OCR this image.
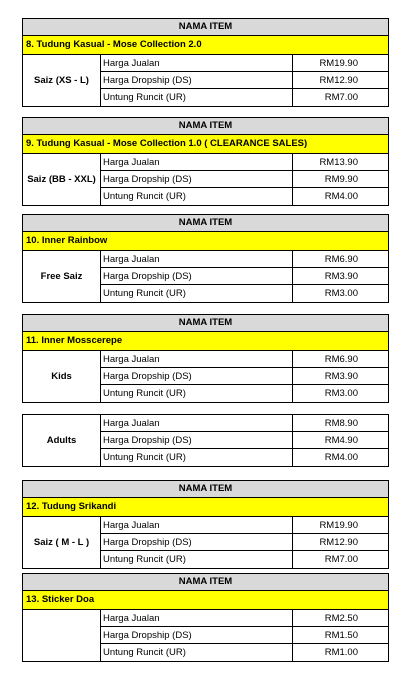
NAMA ITEM
8. Tudung Kasual - Mose Collection 2.0
Saiz (XS - L)
Harga Jualan	RM19.90
Harga Dropship (DS)	RM12.90
Untung Runcit (UR)	RM7.00
NAMA ITEM
9. Tudung Kasual - Mose Collection 1.0 ( CLEARANCE SALES)
Saiz (BB - XXL)
Harga Jualan	RM13.90
Harga Dropship (DS)	RM9.90
Untung Runcit (UR)	RM4.00
NAMA ITEM
10. Inner Rainbow
Free Saiz
Harga Jualan	RM6.90
Harga Dropship (DS)	RM3.90
Untung Runcit (UR)	RM3.00
NAMA ITEM
11. Inner Mosscerepe
Kids
Harga Jualan	RM6.90
Harga Dropship (DS)	RM3.90
Untung Runcit (UR)	RM3.00
Adults
Harga Jualan	RM8.90
Harga Dropship (DS)	RM4.90
Untung Runcit (UR)	RM4.00
NAMA ITEM
12. Tudung Srikandi
Saiz ( M - L )
Harga Jualan	RM19.90
Harga Dropship (DS)	RM12.90
Untung Runcit (UR)	RM7.00
NAMA ITEM
13. Sticker Doa
Harga Jualan	RM2.50
Harga Dropship (DS)	RM1.50
Untung Runcit (UR)	RM1.00
